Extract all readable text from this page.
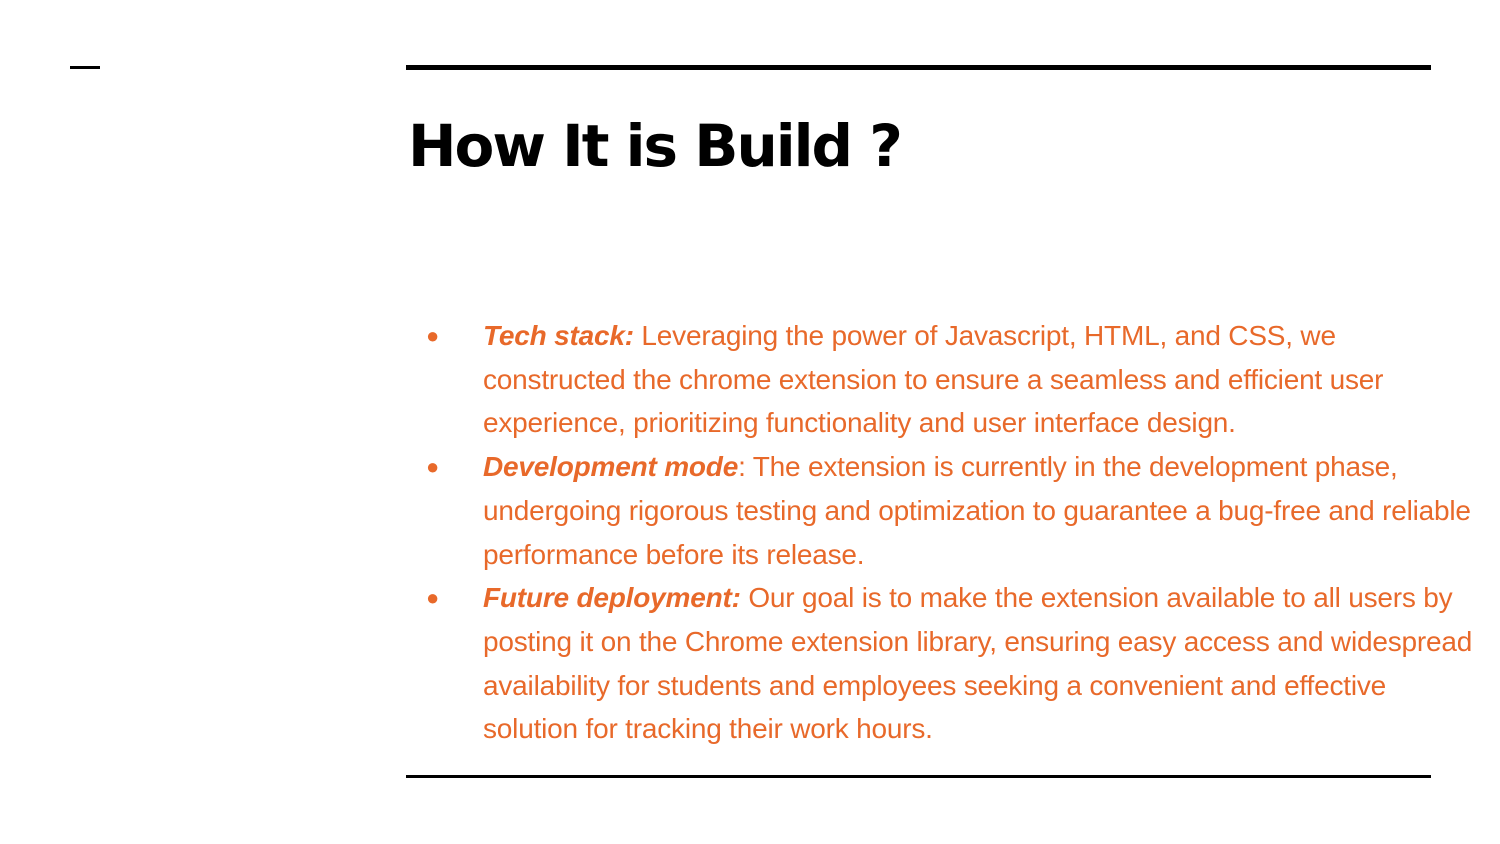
How It is Build ?
● Tech stack: Leveraging the power of Javascript, HTML, and CSS, we constructed the chrome extension to ensure a seamless and efficient user experience, prioritizing functionality and user interface design.
● Development mode: The extension is currently in the development phase, undergoing rigorous testing and optimization to guarantee a bug-free and reliable performance before its release.
● Future deployment: Our goal is to make the extension available to all users by posting it on the Chrome extension library, ensuring easy access and widespread availability for students and employees seeking a convenient and effective solution for tracking their work hours.
